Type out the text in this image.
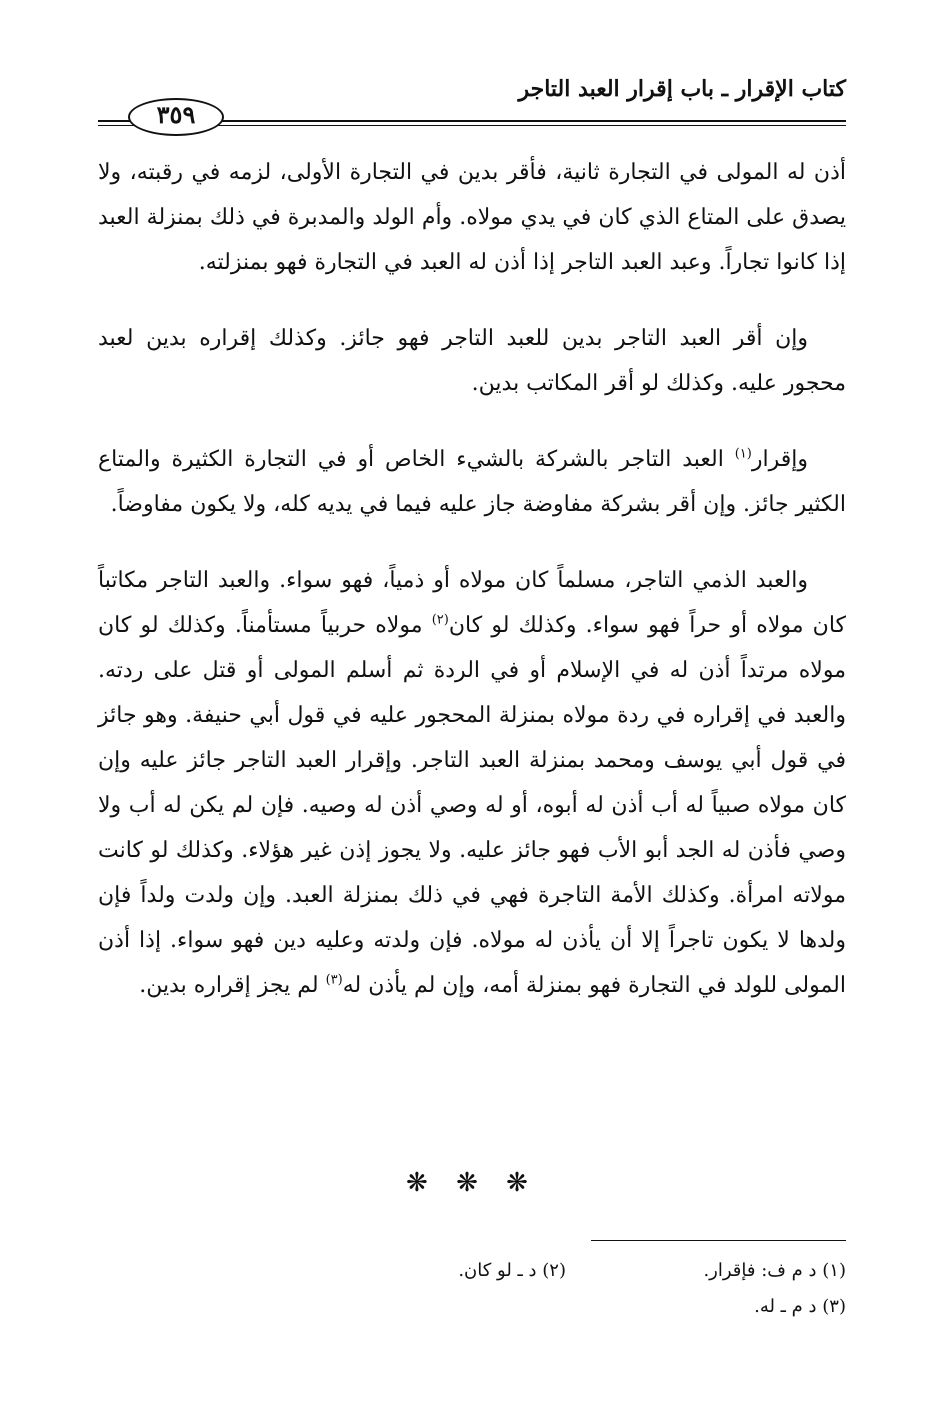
كتاب الإقرار ـ باب إقرار العبد التاجر
٣٥٩

أذن له المولى في التجارة ثانية، فأقر بدين في التجارة الأولى، لزمه في رقبته، ولا يصدق على المتاع الذي كان في يدي مولاه. وأم الولد والمدبرة في ذلك بمنزلة العبد إذا كانوا تجاراً. وعبد العبد التاجر إذا أذن له العبد في التجارة فهو بمنزلته.

وإن أقر العبد التاجر بدين للعبد التاجر فهو جائز. وكذلك إقراره بدين لعبد محجور عليه. وكذلك لو أقر المكاتب بدين.

وإقرار$^{(١)}$ العبد التاجر بالشركة بالشيء الخاص أو في التجارة الكثيرة والمتاع الكثير جائز. وإن أقر بشركة مفاوضة جاز عليه فيما في يديه كله، ولا يكون مفاوضاً.

والعبد الذمي التاجر، مسلماً كان مولاه أو ذمياً، فهو سواء. والعبد التاجر مكاتباً كان مولاه أو حراً فهو سواء. وكذلك لو كان$^{(٢)}$ مولاه حربياً مستأمناً. وكذلك لو كان مولاه مرتداً أذن له في الإسلام أو في الردة ثم أسلم المولى أو قتل على ردته. والعبد في إقراره في ردة مولاه بمنزلة المحجور عليه في قول أبي حنيفة. وهو جائز في قول أبي يوسف ومحمد بمنزلة العبد التاجر. وإقرار العبد التاجر جائز عليه وإن كان مولاه صبياً له أب أذن له أبوه، أو له وصي أذن له وصيه. فإن لم يكن له أب ولا وصي فأذن له الجد أبو الأب فهو جائز عليه. ولا يجوز إذن غير هؤلاء. وكذلك لو كانت مولاته امرأة. وكذلك الأمة التاجرة فهي في ذلك بمنزلة العبد. وإن ولدت ولداً فإن ولدها لا يكون تاجراً إلا أن يأذن له مولاه. فإن ولدته وعليه دين فهو سواء. إذا أذن المولى للولد في التجارة فهو بمنزلة أمه، وإن لم يأذن له$^{(٣)}$ لم يجز إقراره بدين.

❋ ❋ ❋
(١) د م ف: فإقرار.
(٢) د ـ لو كان.
(٣) د م ـ له.
